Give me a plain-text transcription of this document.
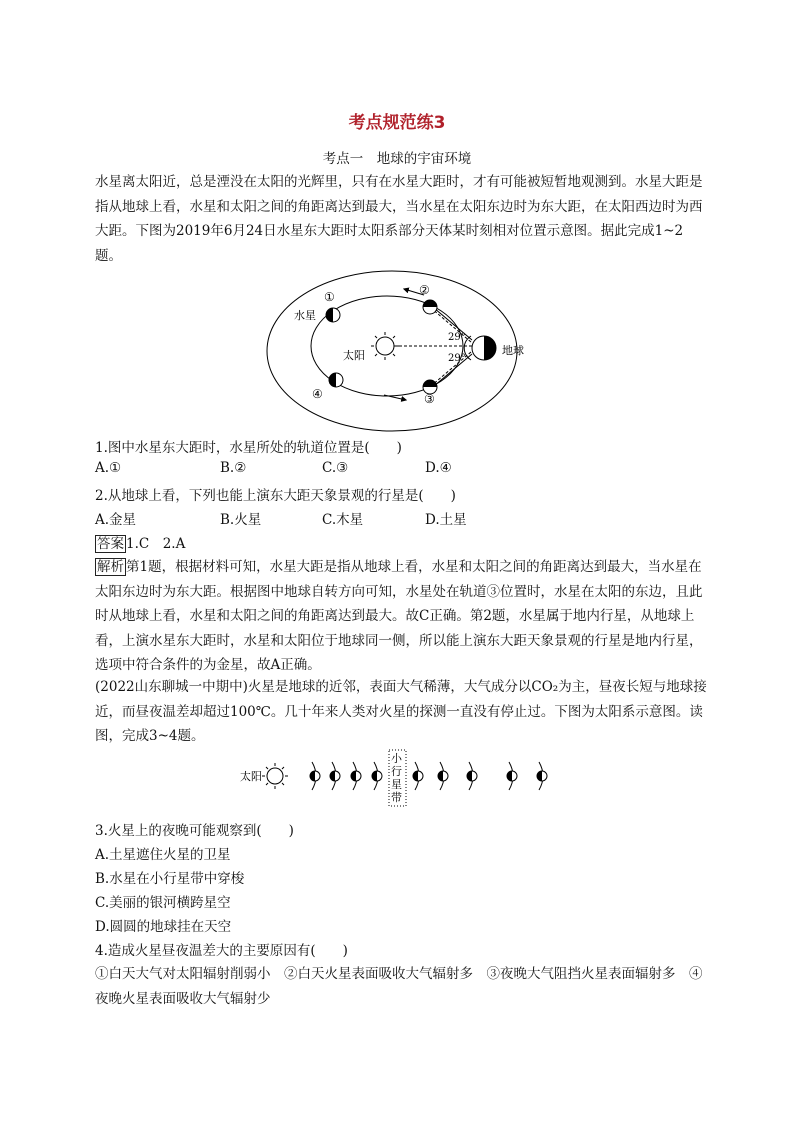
考点规范练3
考点一　地球的宇宙环境

水星离太阳近，总是湮没在太阳的光辉里，只有在水星大距时，才有可能被短暂地观测到。水星大距是指从地球上看，水星和太阳之间的角距离达到最大，当水星在太阳东边时为东大距，在太阳西边时为西大距。下图为2019年6月24日水星东大距时太阳系部分天体某时刻相对位置示意图。据此完成1~2题。

①	②
③
④
水星
太阳	地球
29°
29°
1.图中水星东大距时，水星所处的轨道位置是(　　)
A.①	B.②	C.③	D.④
2.从地球上看，下列也能上演东大距天象景观的行星是(　　)
A.金星	B.火星	C.木星	D.土星
答案 1.C　2.A

解析 第1题，根据材料可知，水星大距是指从地球上看，水星和太阳之间的角距离达到最大，当水星在太阳东边时为东大距。根据图中地球自转方向可知，水星处在轨道③位置时，水星在太阳的东边，且此时从地球上看，水星和太阳之间的角距离达到最大。故C正确。第2题，水星属于地内行星，从地球上看，上演水星东大距时，水星和太阳位于地球同一侧，所以能上演东大距天象景观的行星是地内行星，选项中符合条件的为金星，故A正确。

(2022山东聊城一中期中)火星是地球的近邻，表面大气稀薄，大气成分以CO₂为主，昼夜长短与地球接近，而昼夜温差却超过100℃。几十年来人类对火星的探测一直没有停止过。下图为太阳系示意图。读图，完成3~4题。

太阳
小
行
星
带
3.火星上的夜晚可能观察到(　　)
A.土星遮住火星的卫星
B.水星在小行星带中穿梭
C.美丽的银河横跨星空
D.圆圆的地球挂在天空
4.造成火星昼夜温差大的主要原因有(　　)

①白天大气对太阳辐射削弱小　②白天火星表面吸收大气辐射多　③夜晚大气阻挡火星表面辐射多　④夜晚火星表面吸收大气辐射少
